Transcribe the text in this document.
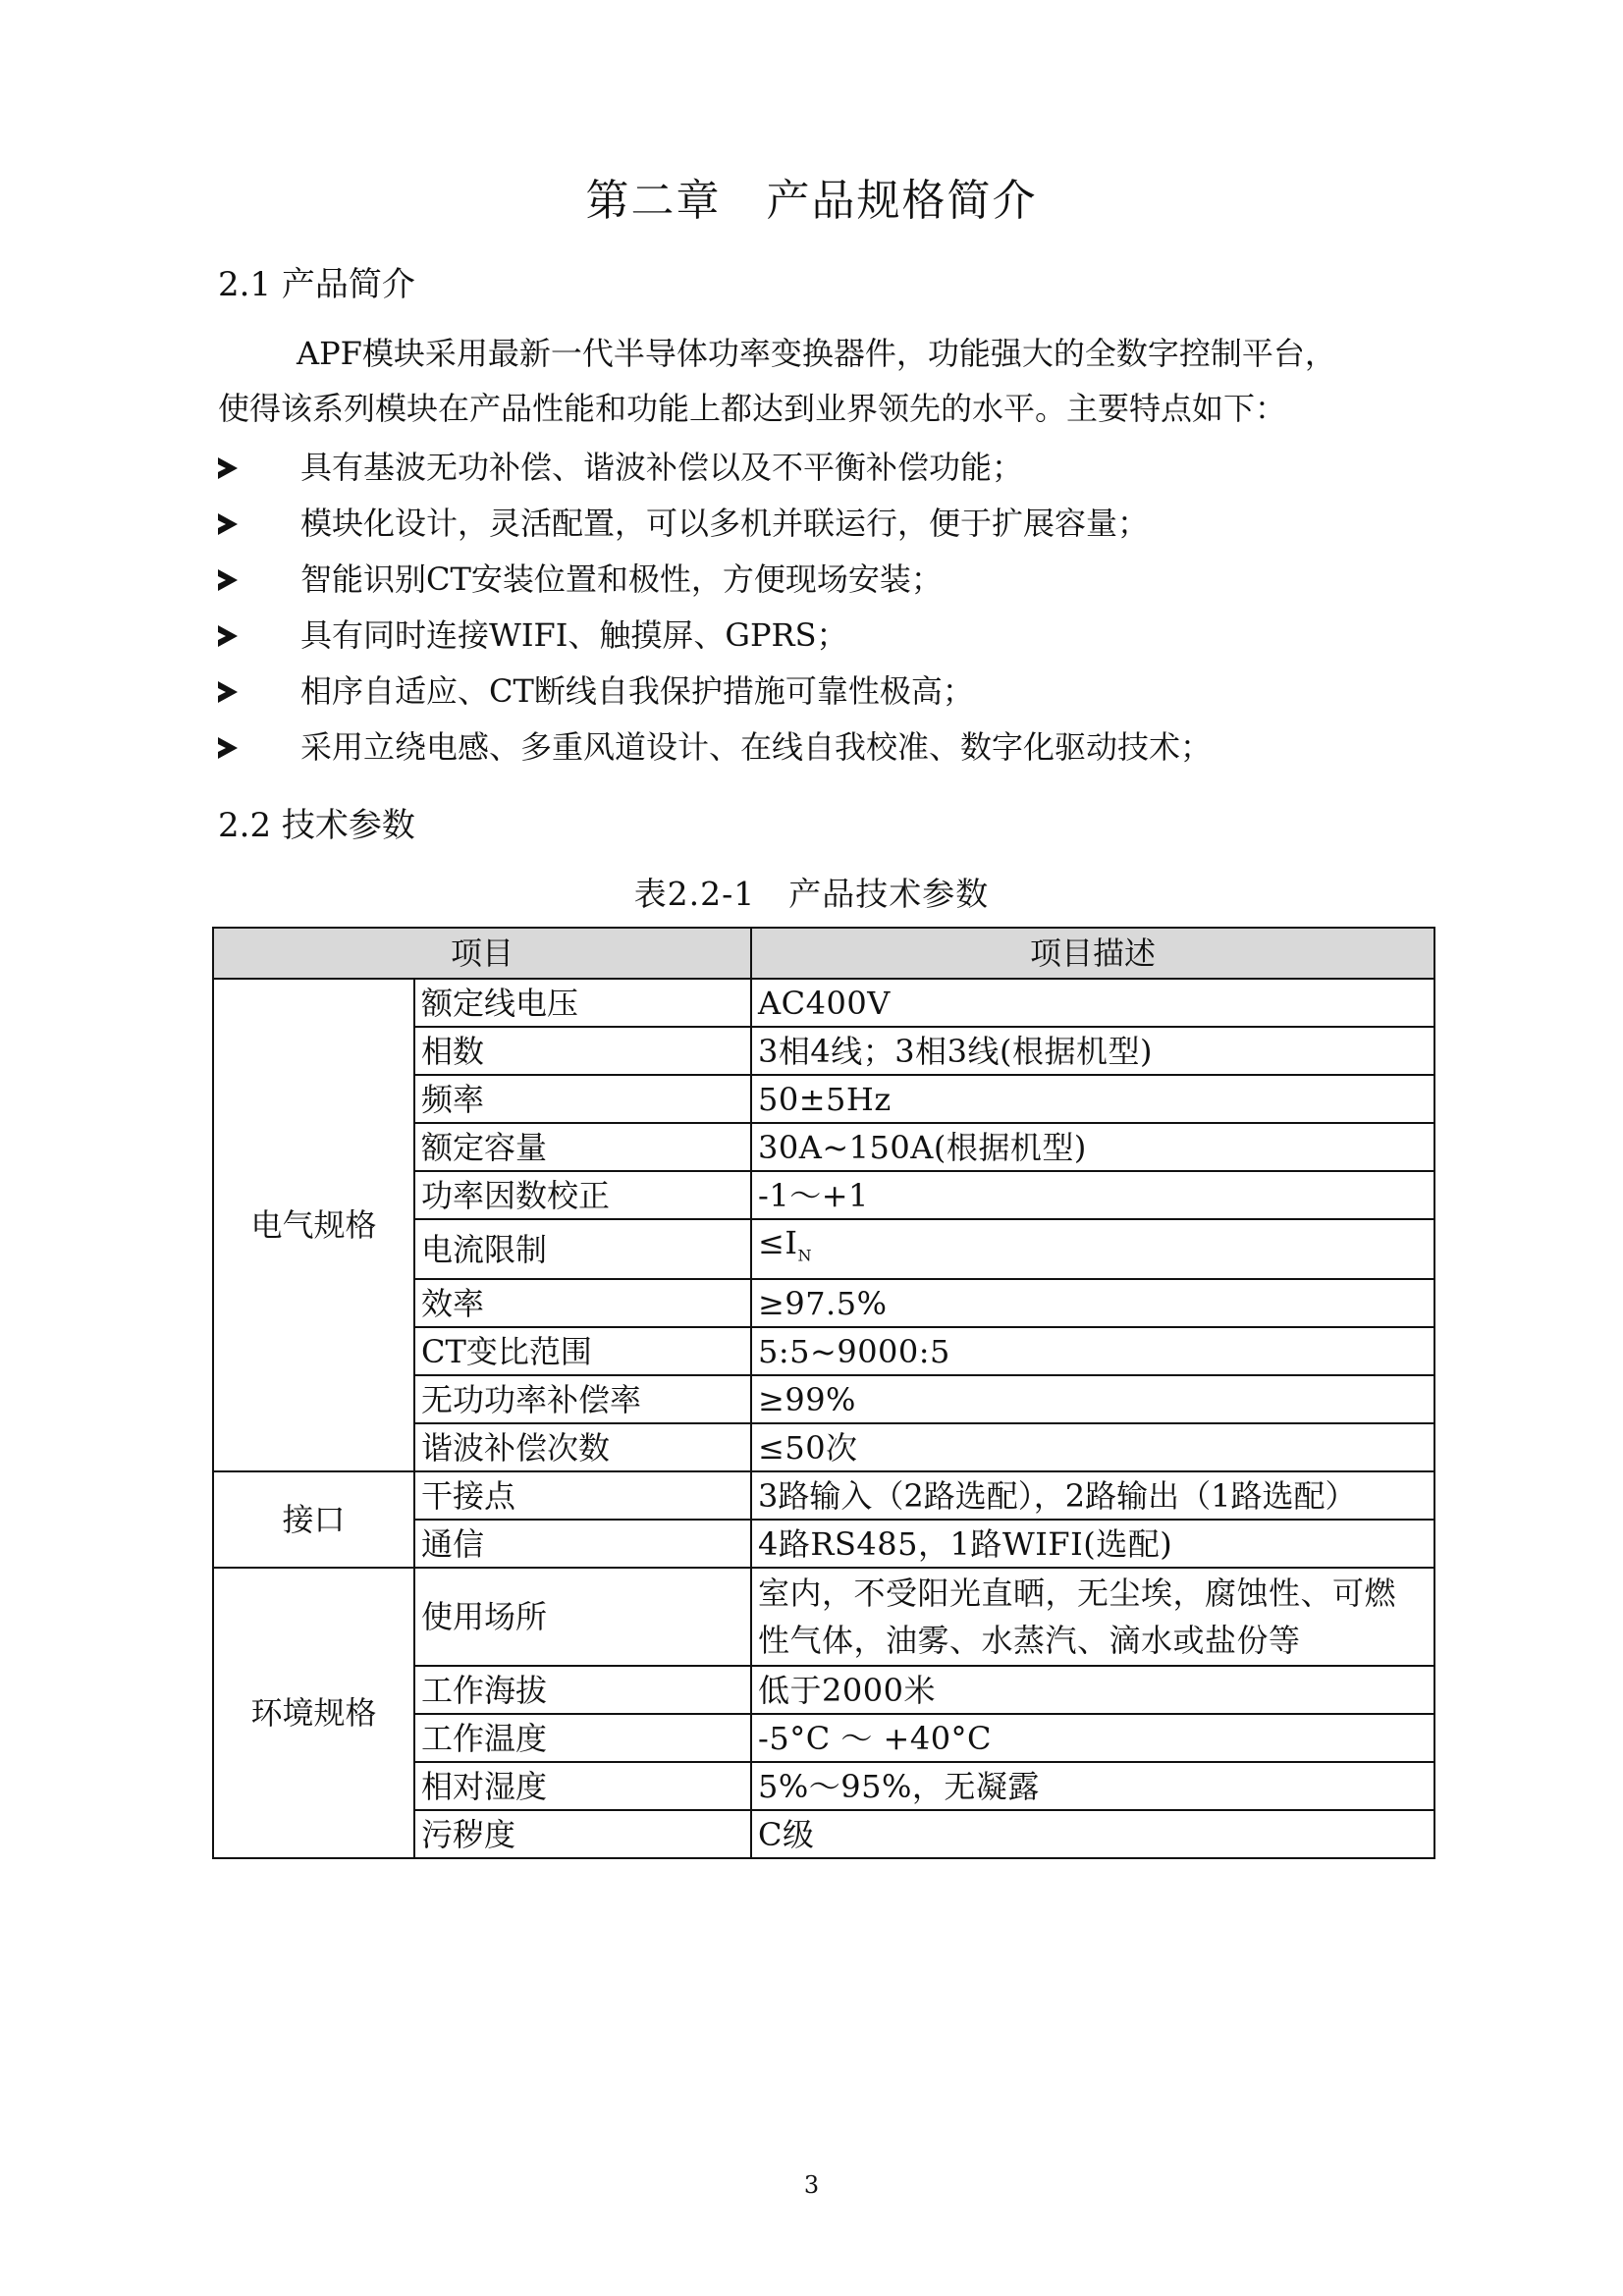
第二章　产品规格简介
2.1 产品简介
APF模块采用最新一代半导体功率变换器件，功能强大的全数字控制平台，
使得该系列模块在产品性能和功能上都达到业界领先的水平。主要特点如下：
具有基波无功补偿、谐波补偿以及不平衡补偿功能；
模块化设计，灵活配置，可以多机并联运行，便于扩展容量；
智能识别CT安装位置和极性，方便现场安装；
具有同时连接WIFI、触摸屏、GPRS；
相序自适应、CT断线自我保护措施可靠性极高；
采用立绕电感、多重风道设计、在线自我校准、数字化驱动技术；
2.2 技术参数
表2.2-1　产品技术参数
项目		项目描述
电气规格	额定线电压	AC400V
	相数	3相4线；3相3线(根据机型)
	频率	50±5Hz
	额定容量	30A~150A(根据机型)
	功率因数校正	-1～+1
	电流限制	$\le I_N$
	效率	≥97.5%
	CT变比范围	5:5~9000:5
	无功功率补偿率	≥99%
	谐波补偿次数	≤50次
接口	干接点	3路输入（2路选配），2路输出（1路选配）
	通信	4路RS485，1路WIFI(选配)
环境规格	使用场所	室内，不受阳光直晒，无尘埃，腐蚀性、可燃性气体，油雾、水蒸汽、滴水或盐份等
	工作海拔	低于2000米
	工作温度	-5°C ～ +40°C
	相对湿度	5%～95%，无凝露
	污秽度	C级
3
